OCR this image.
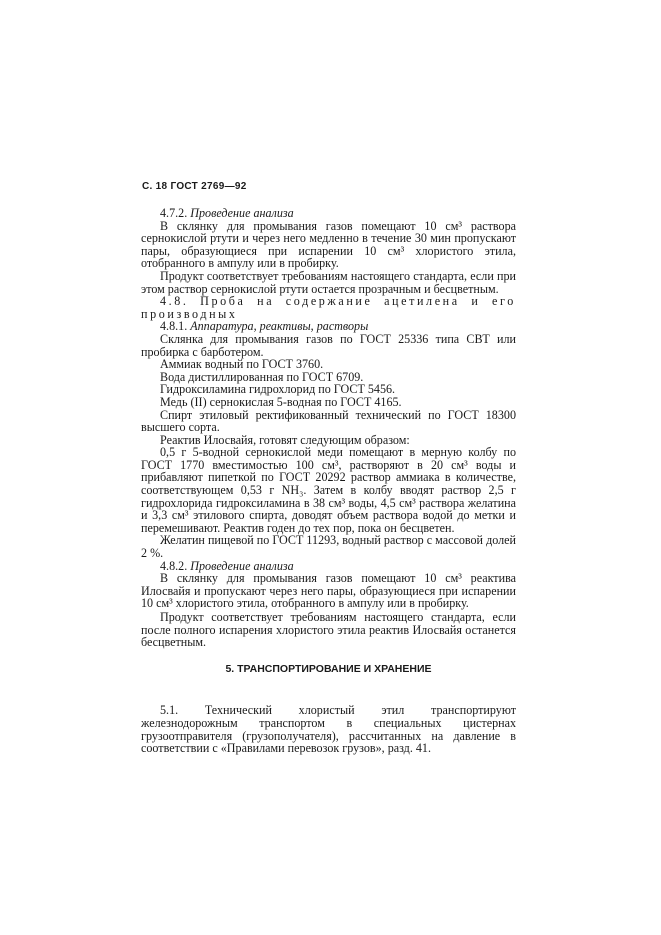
С. 18 ГОСТ 2769—92

4.7.2. Проведение анализа

В склянку для промывания газов помещают 10 см³ раствора сернокислой ртути и через него медленно в течение 30 мин пропускают пары, образующиеся при испарении 10 см³ хлористого этила, отобранного в ампулу или в пробирку.

Продукт соответствует требованиям настоящего стандарта, если при этом раствор сернокислой ртути остается прозрачным и бесцветным.

4.8. Проба на содержание ацетилена и его производных

4.8.1. Аппаратура, реактивы, растворы

Склянка для промывания газов по ГОСТ 25336 типа СВТ или пробирка с барботером.

Аммиак водный по ГОСТ 3760.

Вода дистиллированная по ГОСТ 6709.

Гидроксиламина гидрохлорид по ГОСТ 5456.

Медь (II) сернокислая 5-водная по ГОСТ 4165.

Спирт этиловый ректификованный технический по ГОСТ 18300 высшего сорта.

Реактив Илосвайя, готовят следующим образом:

0,5 г 5-водной сернокислой меди помещают в мерную колбу по ГОСТ 1770 вместимостью 100 см³, растворяют в 20 см³ воды и прибавляют пипеткой по ГОСТ 20292 раствор аммиака в количестве, соответствующем 0,53 г NH₃. Затем в колбу вводят раствор 2,5 г гидрохлорида гидроксиламина в 38 см³ воды, 4,5 см³ раствора желатина и 3,3 см³ этилового спирта, доводят объем раствора водой до метки и перемешивают. Реактив годен до тех пор, пока он бесцветен.

Желатин пищевой по ГОСТ 11293, водный раствор с массовой долей 2 %.

4.8.2. Проведение анализа

В склянку для промывания газов помещают 10 см³ реактива Илосвайя и пропускают через него пары, образующиеся при испарении 10 см³ хлористого этила, отобранного в ампулу или в пробирку.

Продукт соответствует требованиям настоящего стандарта, если после полного испарения хлористого этила реактив Илосвайя останется бесцветным.

5. ТРАНСПОРТИРОВАНИЕ И ХРАНЕНИЕ

5.1. Технический хлористый этил транспортируют железнодорожным транспортом в специальных цистернах грузоотправителя (грузополучателя), рассчитанных на давление в соответствии с «Правилами перевозок грузов», разд. 41.
